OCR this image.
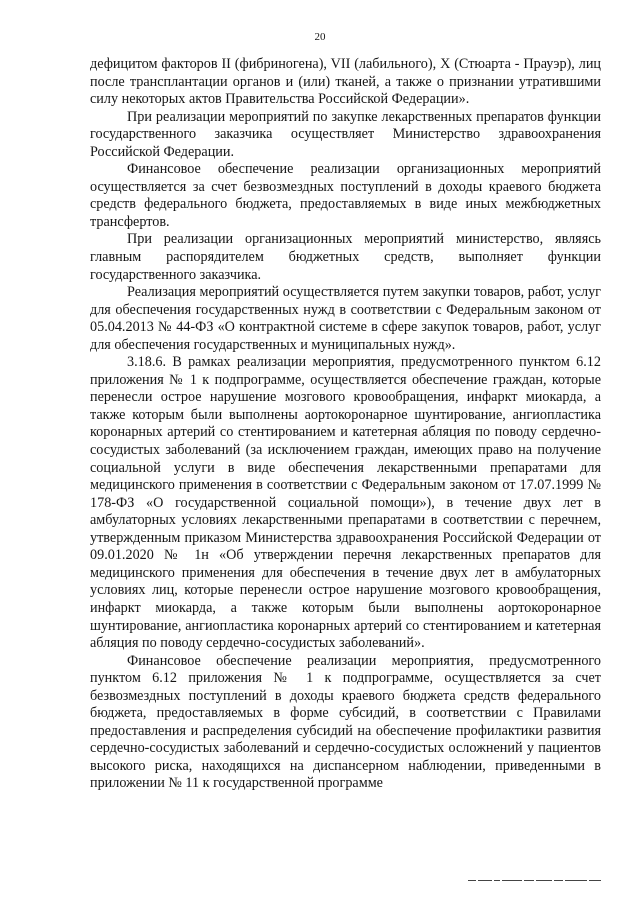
20

дефицитом факторов II (фибриногена), VII (лабильного), X (Стюарта - Прауэр), лиц после трансплантации органов и (или) тканей, а также о признании утратившими силу некоторых актов Правительства Российской Федерации».

При реализации мероприятий по закупке лекарственных препаратов функции государственного заказчика осуществляет Министерство здравоохранения Российской Федерации.

Финансовое обеспечение реализации организационных мероприятий осуществляется за счет безвозмездных поступлений в доходы краевого бюджета средств федерального бюджета, предоставляемых в виде иных межбюджетных трансфертов.

При реализации организационных мероприятий министерство, являясь главным распорядителем бюджетных средств, выполняет функции государственного заказчика.

Реализация мероприятий осуществляется путем закупки товаров, работ, услуг для обеспечения государственных нужд в соответствии с Федеральным законом от 05.04.2013 № 44-ФЗ «О контрактной системе в сфере закупок товаров, работ, услуг для обеспечения государственных и муниципальных нужд».

3.18.6. В рамках реализации мероприятия, предусмотренного пунктом 6.12 приложения № 1 к подпрограмме, осуществляется обеспечение граждан, которые перенесли острое нарушение мозгового кровообращения, инфаркт миокарда, а также которым были выполнены аортокоронарное шунтирование, ангиопластика коронарных артерий со стентированием и катетерная абляция по поводу сердечно-сосудистых заболеваний (за исключением граждан, имеющих право на получение социальной услуги в виде обеспечения лекарственными препаратами для медицинского применения в соответствии с Федеральным законом от 17.07.1999 № 178-ФЗ «О государственной социальной помощи»), в течение двух лет в амбулаторных условиях лекарственными препаратами в соответствии с перечнем, утвержденным приказом Министерства здравоохранения Российской Федерации от 09.01.2020 № 1н «Об утверждении перечня лекарственных препаратов для медицинского применения для обеспечения в течение двух лет в амбулаторных условиях лиц, которые перенесли острое нарушение мозгового кровообращения, инфаркт миокарда, а также которым были выполнены аортокоронарное шунтирование, ангиопластика коронарных артерий со стентированием и катетерная абляция по поводу сердечно-сосудистых заболеваний».

Финансовое обеспечение реализации мероприятия, предусмотренного пунктом 6.12 приложения № 1 к подпрограмме, осуществляется за счет безвозмездных поступлений в доходы краевого бюджета средств федерального бюджета, предоставляемых в форме субсидий, в соответствии с Правилами предоставления и распределения субсидий на обеспечение профилактики развития сердечно-сосудистых заболеваний и сердечно-сосудистых осложнений у пациентов высокого риска, находящихся на диспансерном наблюдении, приведенными в приложении № 11 к государственной программе
